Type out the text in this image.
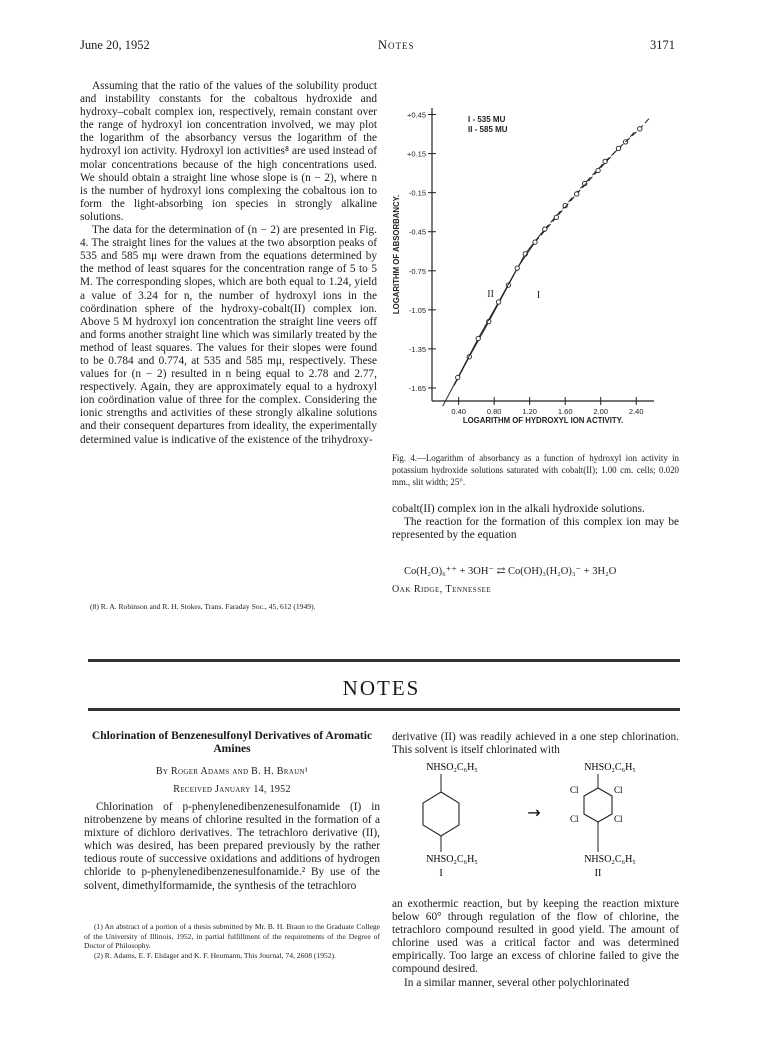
June 20, 1952	Notes	3171

Assuming that the ratio of the values of the solubility product and instability constants for the cobaltous hydroxide and hydroxy–cobalt complex ion, respectively, remain constant over the range of hydroxyl ion concentration involved, we may plot the logarithm of the absorbancy versus the logarithm of the hydroxyl ion activity. Hydroxyl ion activities⁸ are used instead of molar concentrations because of the high concentrations used. We should obtain a straight line whose slope is (n − 2), where n is the number of hydroxyl ions complexing the cobaltous ion to form the light-absorbing ion species in strongly alkaline solutions.

The data for the determination of (n − 2) are presented in Fig. 4. The straight lines for the values at the two absorption peaks of 535 and 585 mμ were drawn from the equations determined by the method of least squares for the concentration range of 5 to 5 M. The corresponding slopes, which are both equal to 1.24, yield a value of 3.24 for n, the number of hydroxyl ions in the coördination sphere of the hydroxy-cobalt(II) complex ion. Above 5 M hydroxyl ion concentration the straight line veers off and forms another straight line which was similarly treated by the method of least squares. The values for their slopes were found to be 0.784 and 0.774, at 535 and 585 mμ, respectively. These values for (n − 2) resulted in n being equal to 2.78 and 2.77, respectively. Again, they are approximately equal to a hydroxyl ion coördination value of three for the complex. Considering the ionic strengths and activities of these strongly alkaline solutions and their consequent departures from ideality, the experimentally determined value is indicative of the existence of the trihydroxy-

(8) R. A. Robinson and R. H. Stokes, Trans. Faraday Soc., 45, 612 (1949).

+0.45
+0.15
-0.15
-0.45
-0.75
-1.05
-1.35
-1.65
0.40	0.80	1.20	1.60	2.00	2.40
LOGARITHM OF HYDROXYL ION ACTIVITY.
LOGARITHM OF ABSORBANCY.
I - 535 MU
II - 585 MU
I
II
Fig. 4.—Logarithm of absorbancy as a function of hydroxyl ion activity in potassium hydroxide solutions saturated with cobalt(II); 1.00 cm. cells; 0.020 mm., slit width; 25°.

cobalt(II) complex ion in the alkali hydroxide solutions.

The reaction for the formation of this complex ion may be represented by the equation

Co(H₂O)₆⁺⁺ + 3OH⁻ ⇄ Co(OH)₃(H₂O)₃⁻ + 3H₂O
Oak Ridge, Tennessee
NOTES
Chlorination of Benzenesulfonyl Derivatives of Aromatic Amines
By Roger Adams and B. H. Braun¹
Received January 14, 1952

Chlorination of p-phenylenedibenzenesulfonamide (I) in nitrobenzene by means of chlorine resulted in the formation of a mixture of dichloro derivatives. The tetrachloro derivative (II), which was desired, has been prepared previously by the rather tedious route of successive oxidations and additions of hydrogen chloride to p-phenylenedibenzenesulfonamide.² By use of the solvent, dimethylformamide, the synthesis of the tetrachloro

(1) An abstract of a portion of a thesis submitted by Mr. B. H. Braun to the Graduate College of the University of Illinois, 1952, in partial fulfillment of the requirements of the Degree of Doctor of Philosophy.

(2) R. Adams, E. F. Elslager and K. F. Heumann, This Journal, 74, 2608 (1952).

derivative (II) was readily achieved in a one step chlorination. This solvent is itself chlorinated with

NHSO₂C₆H₅
NHSO₂C₆H₅
I
→
NHSO₂C₆H₅
Cl	Cl
Cl	Cl
NHSO₂C₆H₅
II

an exothermic reaction, but by keeping the reaction mixture below 60° through regulation of the flow of chlorine, the tetrachloro compound resulted in good yield. The amount of chlorine used was a critical factor and was determined empirically. Too large an excess of chlorine failed to give the compound desired.

In a similar manner, several other polychlorinated
